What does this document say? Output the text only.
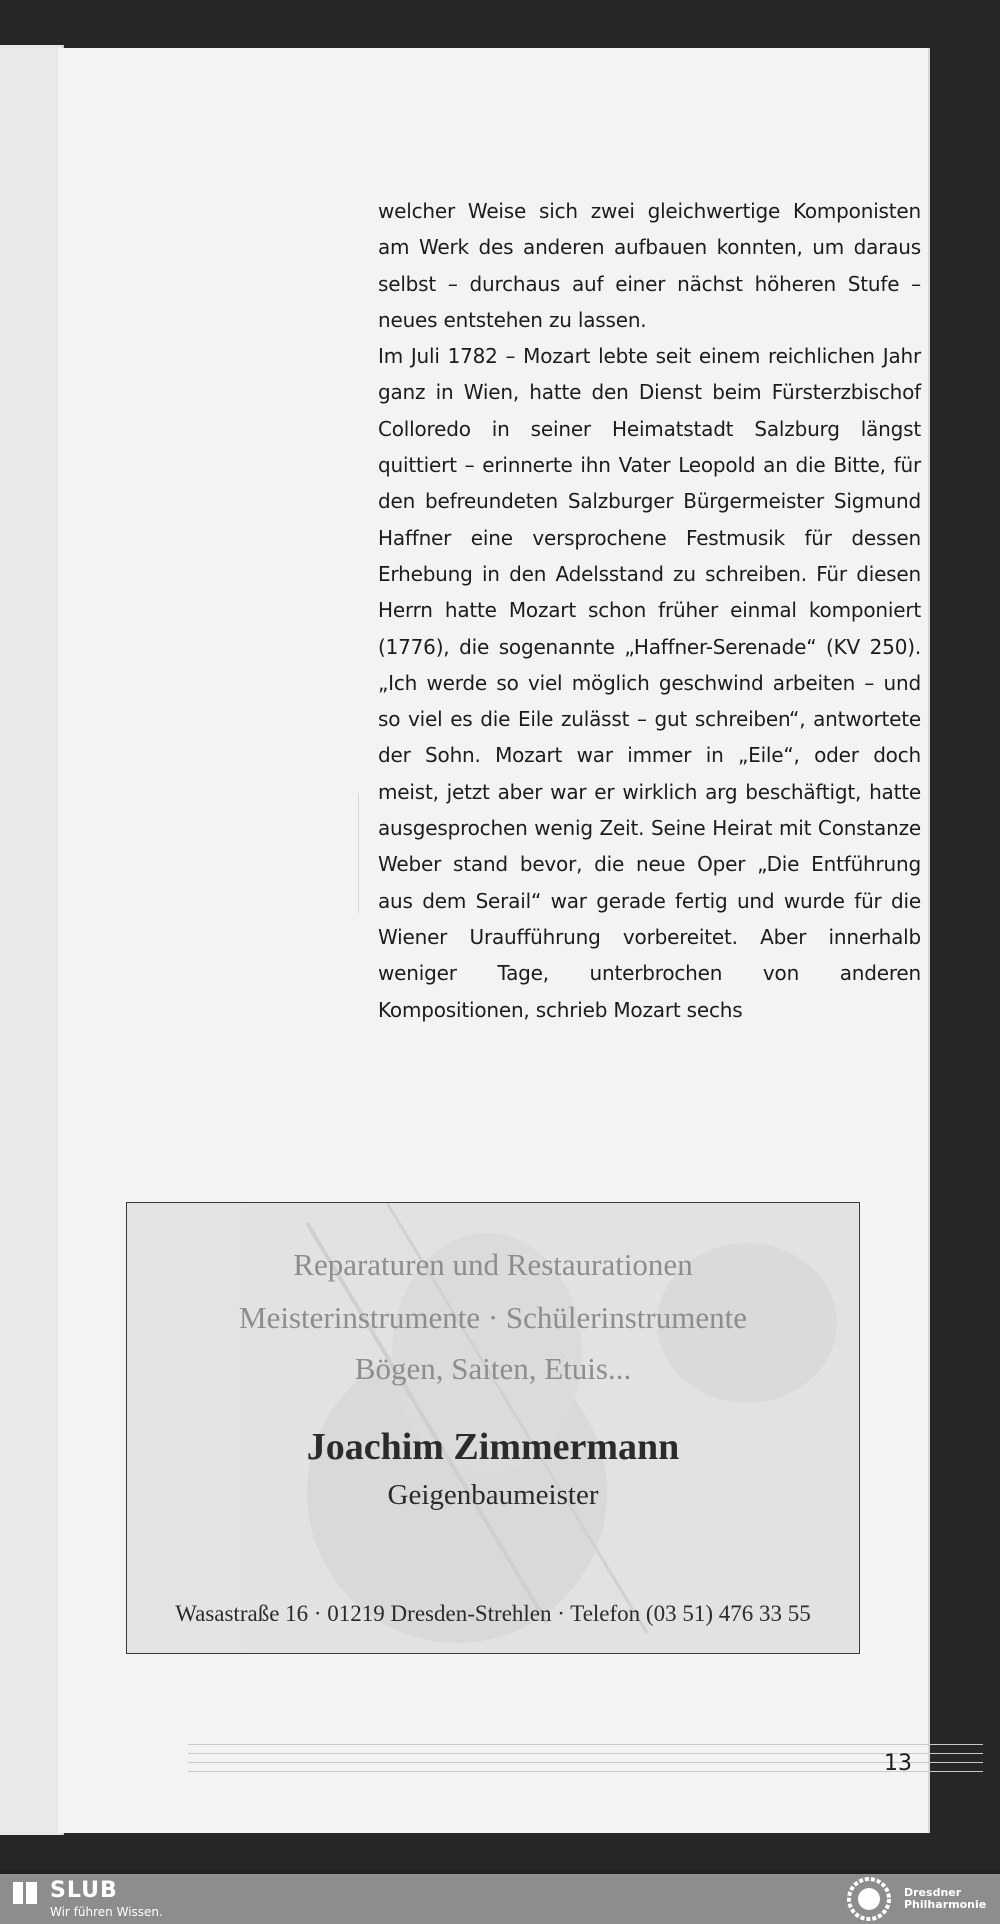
welcher Weise sich zwei gleichwertige Komponisten am Werk des anderen aufbauen konnten, um daraus selbst – durchaus auf einer nächst höheren Stufe – neues entstehen zu lassen.

Im Juli 1782 – Mozart lebte seit einem reichlichen Jahr ganz in Wien, hatte den Dienst beim Fürsterzbischof Colloredo in seiner Heimatstadt Salzburg längst quittiert – erinnerte ihn Vater Leopold an die Bitte, für den befreundeten Salzburger Bürgermeister Sigmund Haffner eine versprochene Festmusik für dessen Erhebung in den Adelsstand zu schreiben. Für diesen Herrn hatte Mozart schon früher einmal komponiert (1776), die sogenannte „Haffner-Serenade“ (KV 250). „Ich werde so viel möglich geschwind arbeiten – und so viel es die Eile zulässt – gut schreiben“, antwortete der Sohn. Mozart war immer in „Eile“, oder doch meist, jetzt aber war er wirklich arg beschäftigt, hatte ausgesprochen wenig Zeit. Seine Heirat mit Constanze Weber stand bevor, die neue Oper „Die Entführung aus dem Serail“ war gerade fertig und wurde für die Wiener Uraufführung vorbereitet. Aber innerhalb weniger Tage, unterbrochen von anderen Kompositionen, schrieb Mozart sechs

Reparaturen und Restaurationen

Meisterinstrumente · Schülerinstrumente

Bögen, Saiten, Etuis...

Joachim Zimmermann

Geigenbaumeister

Wasastraße 16 · 01219 Dresden-Strehlen · Telefon (03 51) 476 33 55

13
SLUB
Wir führen Wissen.
Dresdner
Philharmonie
